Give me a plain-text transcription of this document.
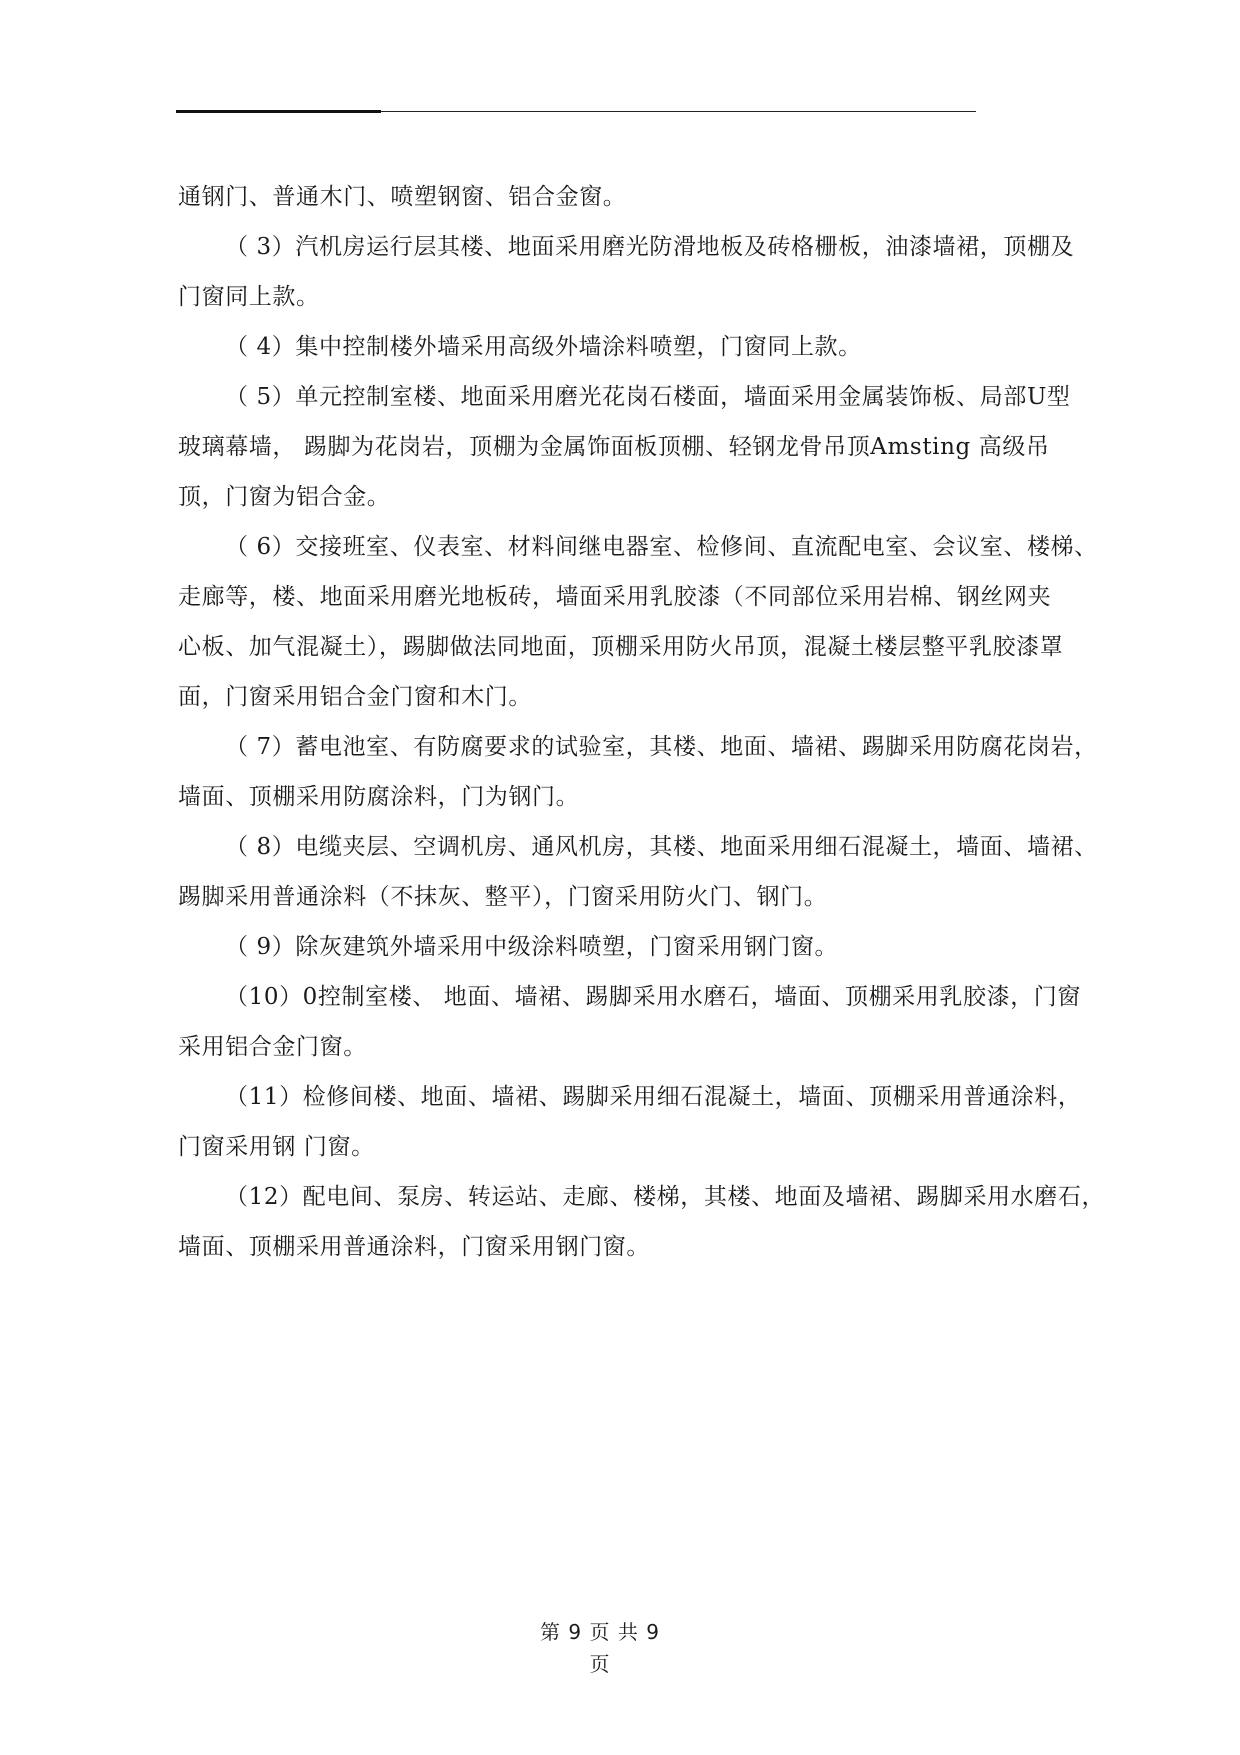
通钢门、普通木门、喷塑钢窗、铝合金窗。

（ 3）汽机房运行层其楼、地面采用磨光防滑地板及砖格栅板，油漆墙裙，顶棚及

门窗同上款。

（ 4）集中控制楼外墙采用高级外墙涂料喷塑，门窗同上款。

（ 5）单元控制室楼、地面采用磨光花岗石楼面，墙面采用金属装饰板、局部U型

玻璃幕墙， 踢脚为花岗岩，顶棚为金属饰面板顶棚、轻钢龙骨吊顶Amsting 高级吊

顶，门窗为铝合金。

（ 6）交接班室、仪表室、材料间继电器室、检修间、直流配电室、会议室、楼梯、

走廊等，楼、地面采用磨光地板砖，墙面采用乳胶漆（不同部位采用岩棉、钢丝网夹

心板、加气混凝土），踢脚做法同地面，顶棚采用防火吊顶，混凝土楼层整平乳胶漆罩

面，门窗采用铝合金门窗和木门。

（ 7）蓄电池室、有防腐要求的试验室，其楼、地面、墙裙、踢脚采用防腐花岗岩，

墙面、顶棚采用防腐涂料，门为钢门。

（ 8）电缆夹层、空调机房、通风机房，其楼、地面采用细石混凝土，墙面、墙裙、

踢脚采用普通涂料（不抹灰、整平），门窗采用防火门、钢门。

（ 9）除灰建筑外墙采用中级涂料喷塑，门窗采用钢门窗。

（10）0控制室楼、 地面、墙裙、踢脚采用水磨石，墙面、顶棚采用乳胶漆，门窗

采用铝合金门窗。

（11）检修间楼、地面、墙裙、踢脚采用细石混凝土，墙面、顶棚采用普通涂料，

门窗采用钢 门窗。

（12）配电间、泵房、转运站、走廊、楼梯，其楼、地面及墙裙、踢脚采用水磨石，

墙面、顶棚采用普通涂料，门窗采用钢门窗。

第 9 页 共 9
页
